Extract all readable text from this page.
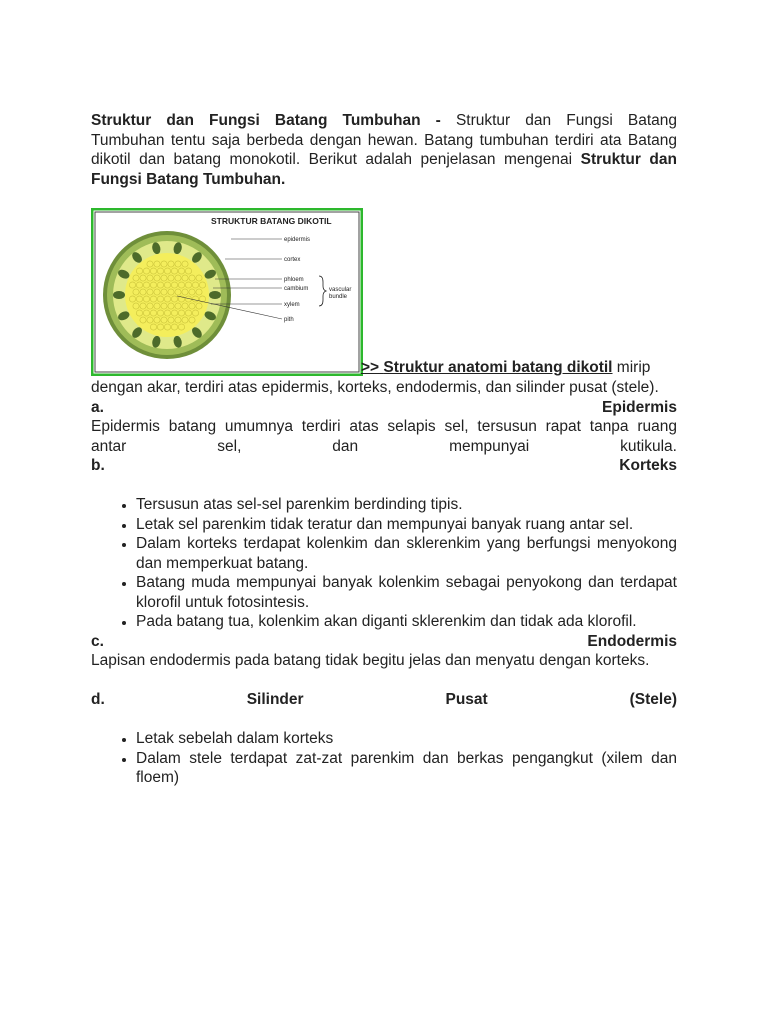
Struktur dan Fungsi Batang Tumbuhan - Struktur dan Fungsi Batang

Tumbuhan tentu saja berbeda dengan hewan. Batang tumbuhan terdiri ata Batang

dikotil dan batang monokotil. Berikut adalah penjelasan mengenai Struktur dan

Fungsi Batang Tumbuhan.

STRUKTUR BATANG DIKOTIL
epidermis
cortex
phloem
cambium
xylem
pith
vascular
bundle
>> Struktur anatomi batang dikotil mirip

dengan akar, terdiri atas epidermis, korteks, endodermis, dan silinder pusat (stele).

a.	Epidermis

Epidermis batang umumnya terdiri atas selapis sel, tersusun rapat tanpa ruang

antar sel, dan mempunyai kutikula.

b.	Korteks
• Tersusun atas sel-sel parenkim berdinding tipis.
• Letak sel parenkim tidak teratur dan mempunyai banyak ruang antar sel.
• Dalam korteks terdapat kolenkim dan sklerenkim yang berfungsi menyokong dan memperkuat batang.
• Batang muda mempunyai banyak kolenkim sebagai penyokong dan terdapat klorofil untuk fotosintesis.
• Pada batang tua, kolenkim akan diganti sklerenkim dan tidak ada klorofil.
c.	Endodermis

Lapisan endodermis pada batang tidak begitu jelas dan menyatu dengan korteks.

d.	Silinder	Pusat	(Stele)
• Letak sebelah dalam korteks
• Dalam stele terdapat zat-zat parenkim dan berkas pengangkut (xilem dan floem)
